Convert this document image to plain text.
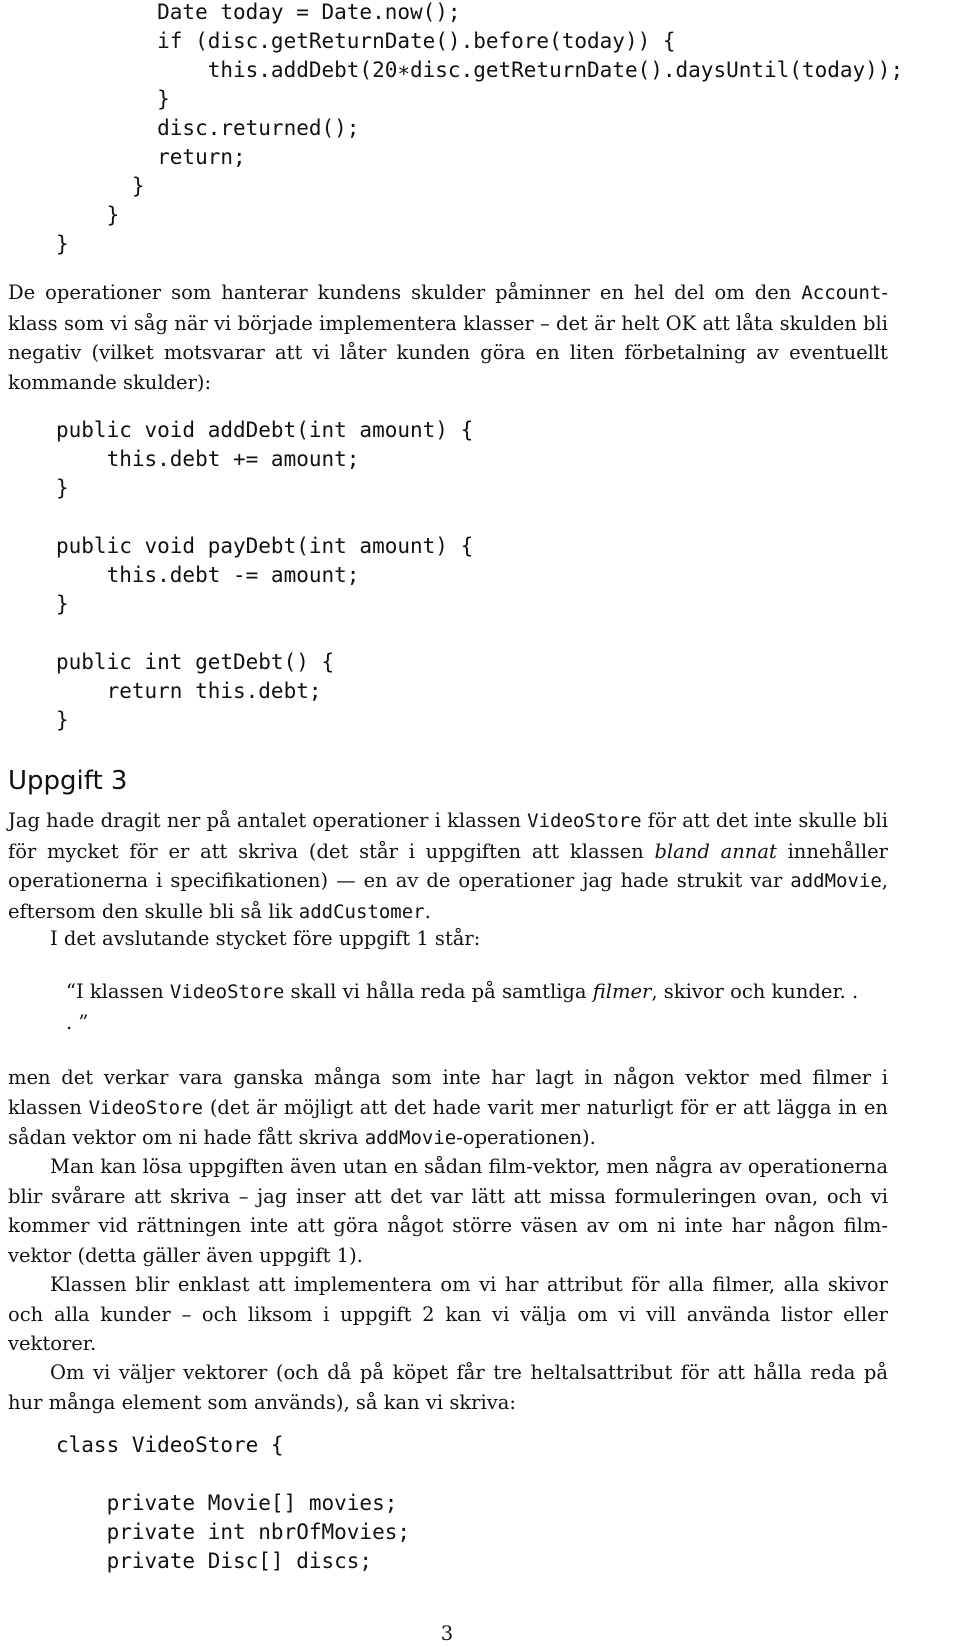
Date today = Date.now();
if (disc.getReturnDate().before(today)) {
this.addDebt(20∗disc.getReturnDate().daysUntil(today));
}
disc.returned();
return;
}
}
}

De operationer som hanterar kundens skulder påminner en hel del om den Account-klass som vi såg när vi började implementera klasser – det är helt OK att låta skulden bli negativ (vilket motsvarar att vi låter kunden göra en liten förbetalning av eventuellt kommande skulder):

public void addDebt(int amount) {
this.debt += amount;
}

public void payDebt(int amount) {
this.debt -= amount;
}

public int getDebt() {
return this.debt;
}
Uppgift 3

Jag hade dragit ner på antalet operationer i klassen VideoStore för att det inte skulle bli för mycket för er att skriva (det står i uppgiften att klassen bland annat innehåller operationerna i specifikationen) — en av de operationer jag hade strukit var addMovie, eftersom den skulle bli så lik addCustomer.

I det avslutande stycket före uppgift 1 står:

“I klassen VideoStore skall vi hålla reda på samtliga filmer, skivor och kunder. . . ”

men det verkar vara ganska många som inte har lagt in någon vektor med filmer i klassen VideoStore (det är möjligt att det hade varit mer naturligt för er att lägga in en sådan vektor om ni hade fått skriva addMovie-operationen).

Man kan lösa uppgiften även utan en sådan film-vektor, men några av operationerna blir svårare att skriva – jag inser att det var lätt att missa formuleringen ovan, och vi kommer vid rättningen inte att göra något större väsen av om ni inte har någon film-vektor (detta gäller även uppgift 1).

Klassen blir enklast att implementera om vi har attribut för alla filmer, alla skivor och alla kunder – och liksom i uppgift 2 kan vi välja om vi vill använda listor eller vektorer.

Om vi väljer vektorer (och då på köpet får tre heltalsattribut för att hålla reda på hur många element som används), så kan vi skriva:

class VideoStore {

private Movie[] movies;
private int nbrOfMovies;
private Disc[] discs;
3
